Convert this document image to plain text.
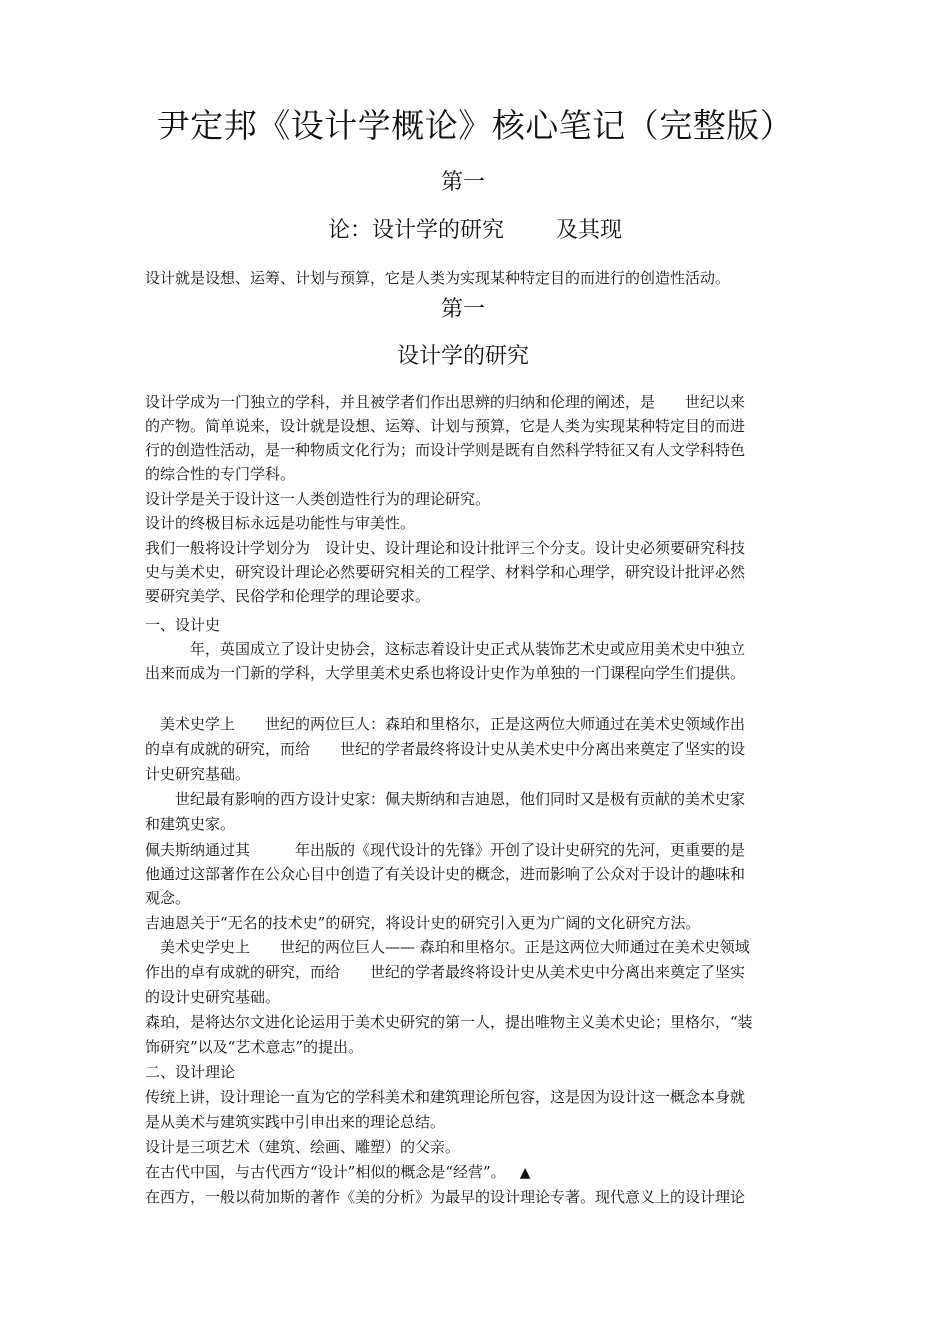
尹定邦《设计学概论》核心笔记（完整版）
第一
论：设计学的研究 及其现
设计就是设想、运筹、计划与预算，它是人类为实现某种特定目的而进行的创造性活动。
第一
设计学的研究
设计学成为一门独立的学科，并且被学者们作出思辨的归纳和伦理的阐述，是　　世纪以来
的产物。简单说来，设计就是设想、运筹、计划与预算，它是人类为实现某种特定目的而进
行的创造性活动，是一种物质文化行为；而设计学则是既有自然科学特征又有人文学科特色
的综合性的专门学科。
设计学是关于设计这一人类创造性行为的理论研究。
设计的终极目标永远是功能性与审美性。
我们一般将设计学划分为　设计史、设计理论和设计批评三个分支。设计史必须要研究科技
史与美术史，研究设计理论必然要研究相关的工程学、材料学和心理学，研究设计批评必然
要研究美学、民俗学和伦理学的理论要求。
一、设计史
　　　年，英国成立了设计史协会，这标志着设计史正式从装饰艺术史或应用美术史中独立
出来而成为一门新的学科，大学里美术史系也将设计史作为单独的一门课程向学生们提供。
　美术史学上　　世纪的两位巨人：森珀和里格尔，正是这两位大师通过在美术史领域作出
的卓有成就的研究，而给　　世纪的学者最终将设计史从美术史中分离出来奠定了坚实的设
计史研究基础。
　　世纪最有影响的西方设计史家：佩夫斯纳和吉迪恩，他们同时又是极有贡献的美术史家
和建筑史家。
佩夫斯纳通过其　　　年出版的《现代设计的先锋》开创了设计史研究的先河，更重要的是
他通过这部著作在公众心目中创造了有关设计史的概念，进而影响了公众对于设计的趣味和
观念。
吉迪恩关于“无名的技术史”的研究，将设计史的研究引入更为广阔的文化研究方法。
　美术史学史上　　世纪的两位巨人—— 森珀和里格尔。正是这两位大师通过在美术史领域
作出的卓有成就的研究，而给　　世纪的学者最终将设计史从美术史中分离出来奠定了坚实
的设计史研究基础。
森珀，是将达尔文进化论运用于美术史研究的第一人，提出唯物主义美术史论；里格尔，“装
饰研究”以及“艺术意志”的提出。
二、设计理论
传统上讲，设计理论一直为它的学科美术和建筑理论所包容，这是因为设计这一概念本身就
是从美术与建筑实践中引申出来的理论总结。
设计是三项艺术（建筑、绘画、雕塑）的父亲。
在古代中国，与古代西方“设计”相似的概念是“经营”。 ▲
在西方，一般以荷加斯的著作《美的分析》为最早的设计理论专著。现代意义上的设计理论
